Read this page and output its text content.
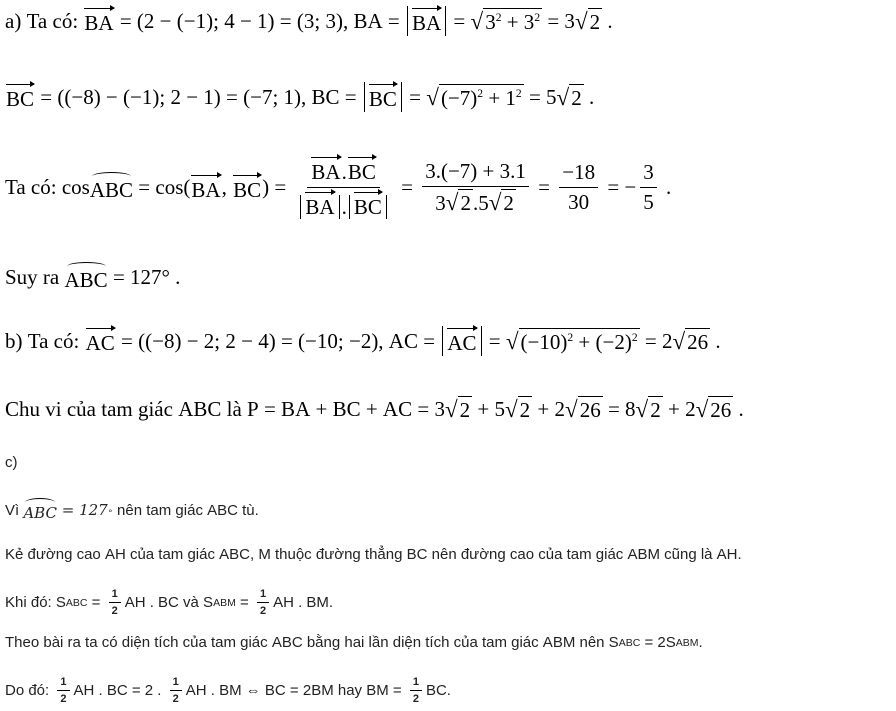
a) Ta có: BA = (2 − (−1); 4 − 1) = (3; 3), BA = BA = √ $3^2 + 3^2 = 3$ √ 2 .
BC = ((−8) − (−1); 2 − 1) = (−7; 1), BC = BC = √ $(-7)^2 + 1^2 = 5$ √ 2 .
Ta có: cos ABC = cos( BA , BC ) = $\frac{BA.BC}{BA . BC} = \frac{3.(-7) + 3.1}{3 √ 2 .5 √ 2} = \frac{-18}{30}$ = − $\frac{3}{5}$ .
Suy ra ABC = 127° .
b) Ta có: AC = ((−8) − 2; 2 − 4) = (−10; −2), AC = AC = √ $(-10)^2 + (-2)^2 = 2$ √ 26 .
Chu vi của tam giác ABC là P = BA + BC + AC = 3 √ 2 + 5 √ 2 + 2 √ 26 = 8 √ 2 + 2 √ 26 .
c)
Vì ABC = 127 ∘ nên tam giác ABC tù.
Kẻ đường cao AH của tam giác ABC, M thuộc đường thẳng BC nên đường cao của tam giác ABM cũng là AH.
Khi đó: S ABC = $\frac{1}{2}$ AH . BC và S ABM = $\frac{1}{2}$ AH . BM.
Theo bài ra ta có diện tích của tam giác ABC bằng hai lần diện tích của tam giác ABM nên S ABC = 2S ABM .
Do đó: $\frac{1}{2}$ AH . BC = 2 . $\frac{1}{2}$ AH . BM ⇔ BC = 2BM hay BM = $\frac{1}{2}$ BC.
